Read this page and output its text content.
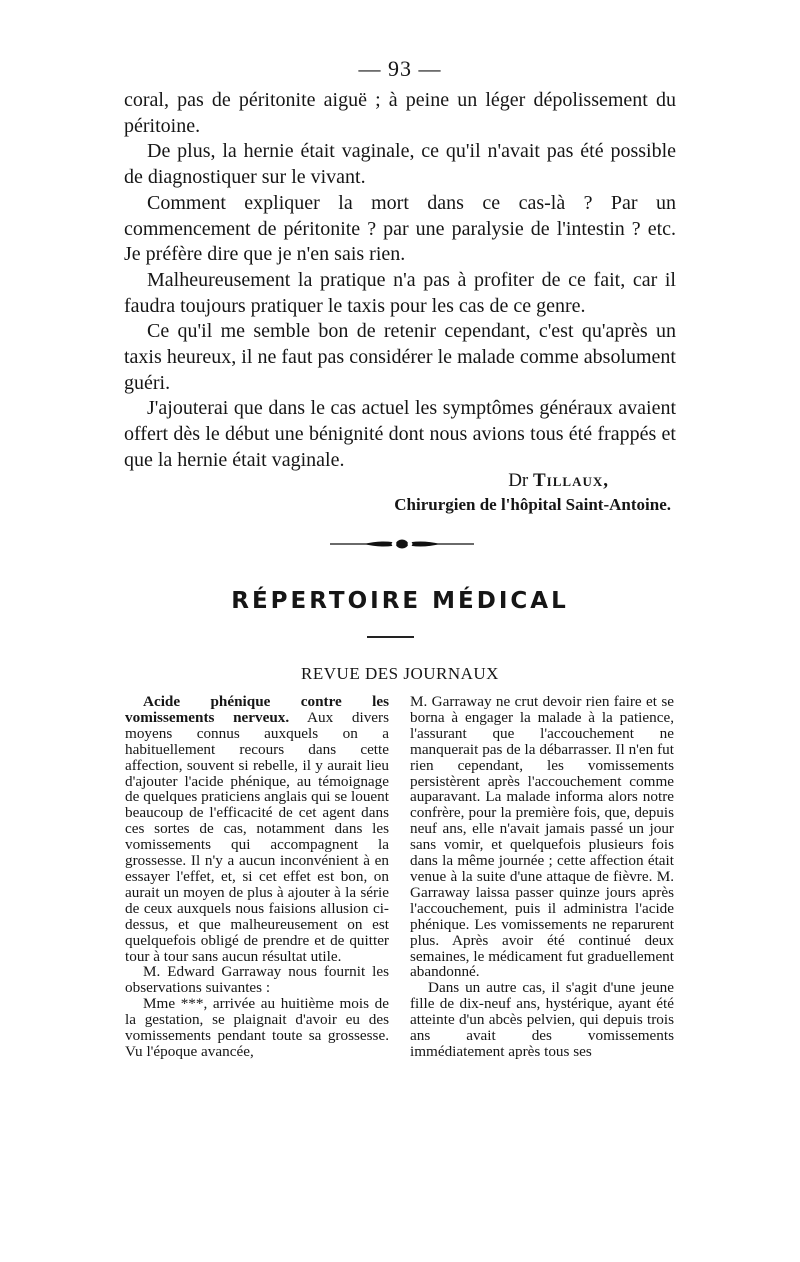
— 93 —

coral, pas de péritonite aiguë ; à peine un léger dépolissement du péritoine.

De plus, la hernie était vaginale, ce qu'il n'avait pas été possible de diagnostiquer sur le vivant.

Comment expliquer la mort dans ce cas-là ? Par un commencement de péritonite ? par une paralysie de l'intestin ? etc. Je préfère dire que je n'en sais rien.

Malheureusement la pratique n'a pas à profiter de ce fait, car il faudra toujours pratiquer le taxis pour les cas de ce genre.

Ce qu'il me semble bon de retenir cependant, c'est qu'après un taxis heureux, il ne faut pas considérer le malade comme absolument guéri.

J'ajouterai que dans le cas actuel les symptômes généraux avaient offert dès le début une bénignité dont nous avions tous été frappés et que la hernie était vaginale.

Dr Tillaux,
Chirurgien de l'hôpital Saint-Antoine.
RÉPERTOIRE MÉDICAL
REVUE DES JOURNAUX

Acide phénique contre les vomissements nerveux. Aux divers moyens connus auxquels on a habituellement recours dans cette affection, souvent si rebelle, il y aurait lieu d'ajouter l'acide phénique, au témoignage de quelques praticiens anglais qui se louent beaucoup de l'efficacité de cet agent dans ces sortes de cas, notamment dans les vomissements qui accompagnent la grossesse. Il n'y a aucun inconvénient à en essayer l'effet, et, si cet effet est bon, on aurait un moyen de plus à ajouter à la série de ceux auxquels nous faisions allusion ci-dessus, et que malheureusement on est quelquefois obligé de prendre et de quitter tour à tour sans aucun résultat utile.

M. Edward Garraway nous fournit les observations suivantes :

Mme ***, arrivée au huitième mois de la gestation, se plaignait d'avoir eu des vomissements pendant toute sa grossesse. Vu l'époque avancée,

M. Garraway ne crut devoir rien faire et se borna à engager la malade à la patience, l'assurant que l'accouchement ne manquerait pas de la débarrasser. Il n'en fut rien cependant, les vomissements persistèrent après l'accouchement comme auparavant. La malade informa alors notre confrère, pour la première fois, que, depuis neuf ans, elle n'avait jamais passé un jour sans vomir, et quelquefois plusieurs fois dans la même journée ; cette affection était venue à la suite d'une attaque de fièvre. M. Garraway laissa passer quinze jours après l'accouchement, puis il administra l'acide phénique. Les vomissements ne reparurent plus. Après avoir été continué deux semaines, le médicament fut graduellement abandonné.

Dans un autre cas, il s'agit d'une jeune fille de dix-neuf ans, hystérique, ayant été atteinte d'un abcès pelvien, qui depuis trois ans avait des vomissements immédiatement après tous ses
